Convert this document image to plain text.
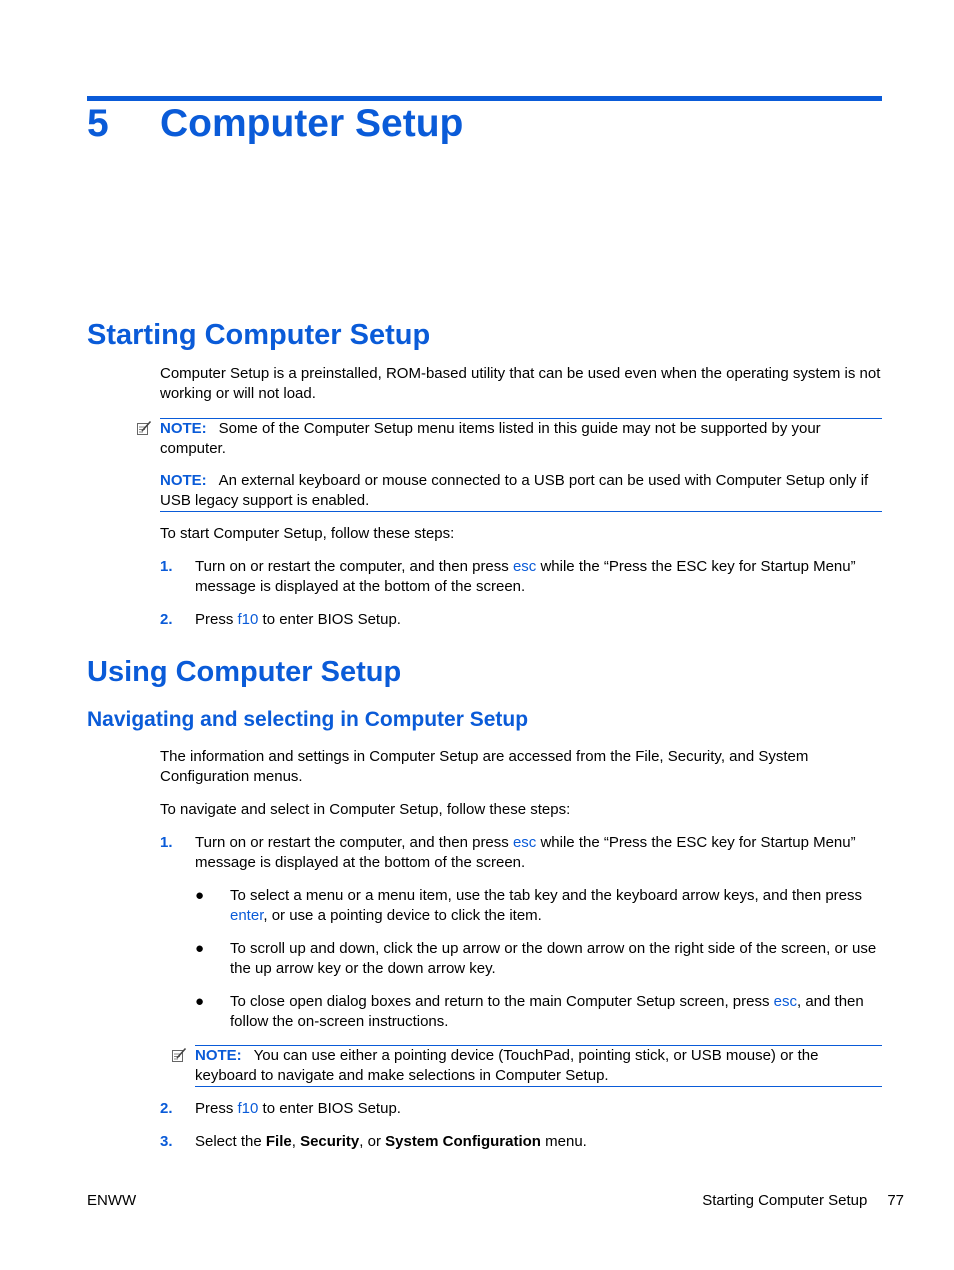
5 Computer Setup
Starting Computer Setup

Computer Setup is a preinstalled, ROM-based utility that can be used even when the operating system is not working or will not load.

NOTE: Some of the Computer Setup menu items listed in this guide may not be supported by your computer.
NOTE: An external keyboard or mouse connected to a USB port can be used with Computer Setup only if USB legacy support is enabled.

To start Computer Setup, follow these steps:

1. Turn on or restart the computer, and then press esc while the “Press the ESC key for Startup Menu” message is displayed at the bottom of the screen.
2. Press f10 to enter BIOS Setup.
Using Computer Setup
Navigating and selecting in Computer Setup

The information and settings in Computer Setup are accessed from the File, Security, and System Configuration menus.

To navigate and select in Computer Setup, follow these steps:

1. Turn on or restart the computer, and then press esc while the “Press the ESC key for Startup Menu” message is displayed at the bottom of the screen.
● To select a menu or a menu item, use the tab key and the keyboard arrow keys, and then press enter, or use a pointing device to click the item.
● To scroll up and down, click the up arrow or the down arrow on the right side of the screen, or use the up arrow key or the down arrow key.
● To close open dialog boxes and return to the main Computer Setup screen, press esc, and then follow the on-screen instructions.
NOTE: You can use either a pointing device (TouchPad, pointing stick, or USB mouse) or the keyboard to navigate and make selections in Computer Setup.
2. Press f10 to enter BIOS Setup.
3. Select the File, Security, or System Configuration menu.
ENWW	Starting Computer Setup 77
